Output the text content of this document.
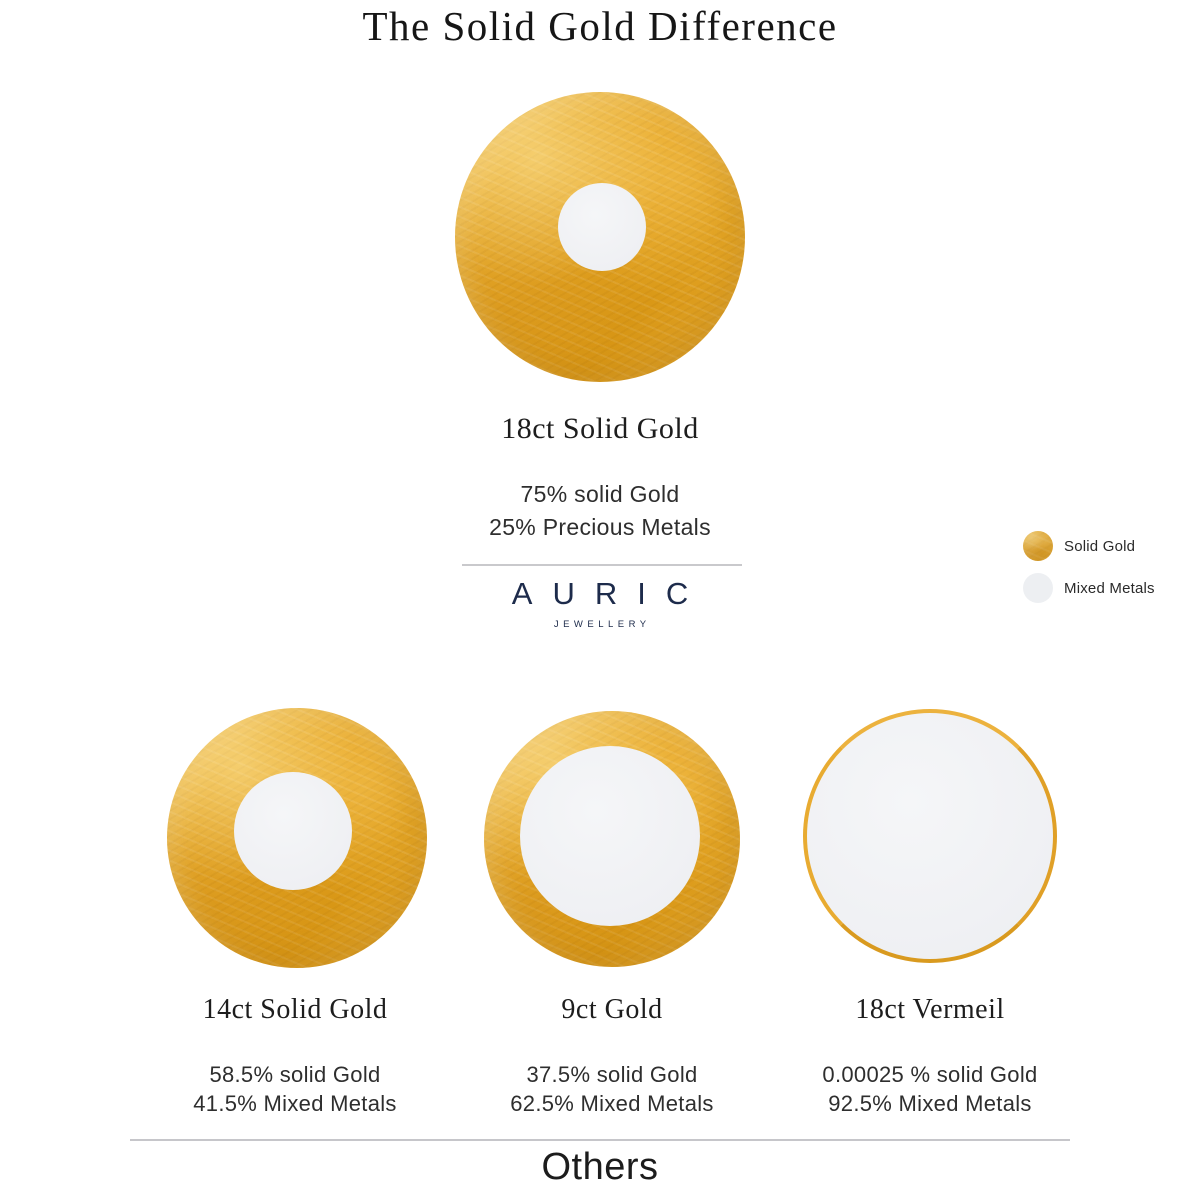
The Solid Gold Difference
18ct Solid Gold
75% solid Gold
25% Precious Metals
AURIC
JEWELLERY
Solid Gold
Mixed Metals
14ct Solid Gold
58.5% solid Gold
41.5% Mixed Metals
9ct Gold
37.5% solid Gold
62.5% Mixed Metals
18ct Vermeil
0.00025 % solid Gold
92.5% Mixed Metals
Others
